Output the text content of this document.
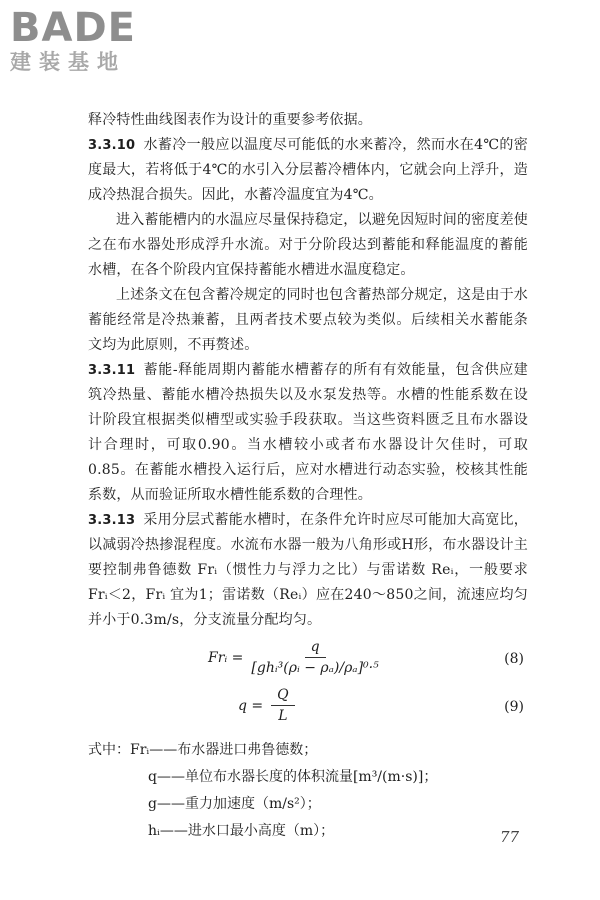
BADE
建装基地

释冷特性曲线图表作为设计的重要参考依据。

3.3.10 水蓄冷一般应以温度尽可能低的水来蓄冷，然而水在4℃的密度最大，若将低于4℃的水引入分层蓄冷槽体内，它就会向上浮升，造成冷热混合损失。因此，水蓄冷温度宜为4℃。

进入蓄能槽内的水温应尽量保持稳定，以避免因短时间的密度差使之在布水器处形成浮升水流。对于分阶段达到蓄能和释能温度的蓄能水槽，在各个阶段内宜保持蓄能水槽进水温度稳定。

上述条文在包含蓄冷规定的同时也包含蓄热部分规定，这是由于水蓄能经常是冷热兼蓄，且两者技术要点较为类似。后续相关水蓄能条文均为此原则，不再赘述。

3.3.11 蓄能-释能周期内蓄能水槽蓄存的所有有效能量，包含供应建筑冷热量、蓄能水槽冷热损失以及水泵发热等。水槽的性能系数在设计阶段宜根据类似槽型或实验手段获取。当这些资料匮乏且布水器设计合理时，可取0.90。当水槽较小或者布水器设计欠佳时，可取0.85。在蓄能水槽投入运行后，应对水槽进行动态实验，校核其性能系数，从而验证所取水槽性能系数的合理性。

3.3.13 采用分层式蓄能水槽时，在条件允许时应尽可能加大高宽比，以减弱冷热掺混程度。水流布水器一般为八角形或H形，布水器设计主要控制弗鲁德数 Frᵢ（惯性力与浮力之比）与雷诺数 Reᵢ，一般要求 Frᵢ＜2，Frᵢ 宜为1；雷诺数（Reᵢ）应在240～850之间，流速应均匀并小于0.3m/s，分支流量分配均匀。

Frᵢ = $\frac{q}{\text{[ghᵢ³(ρᵢ − ρₐ)/ρₐ]⁰·⁵}}$	(8)
$q = \frac{Q}{L}$	(9)
式中：Frᵢ——布水器进口弗鲁德数；
q——单位布水器长度的体积流量[m³/(m·s)]；
g——重力加速度（m/s²）；
hᵢ——进水口最小高度（m）；	77
